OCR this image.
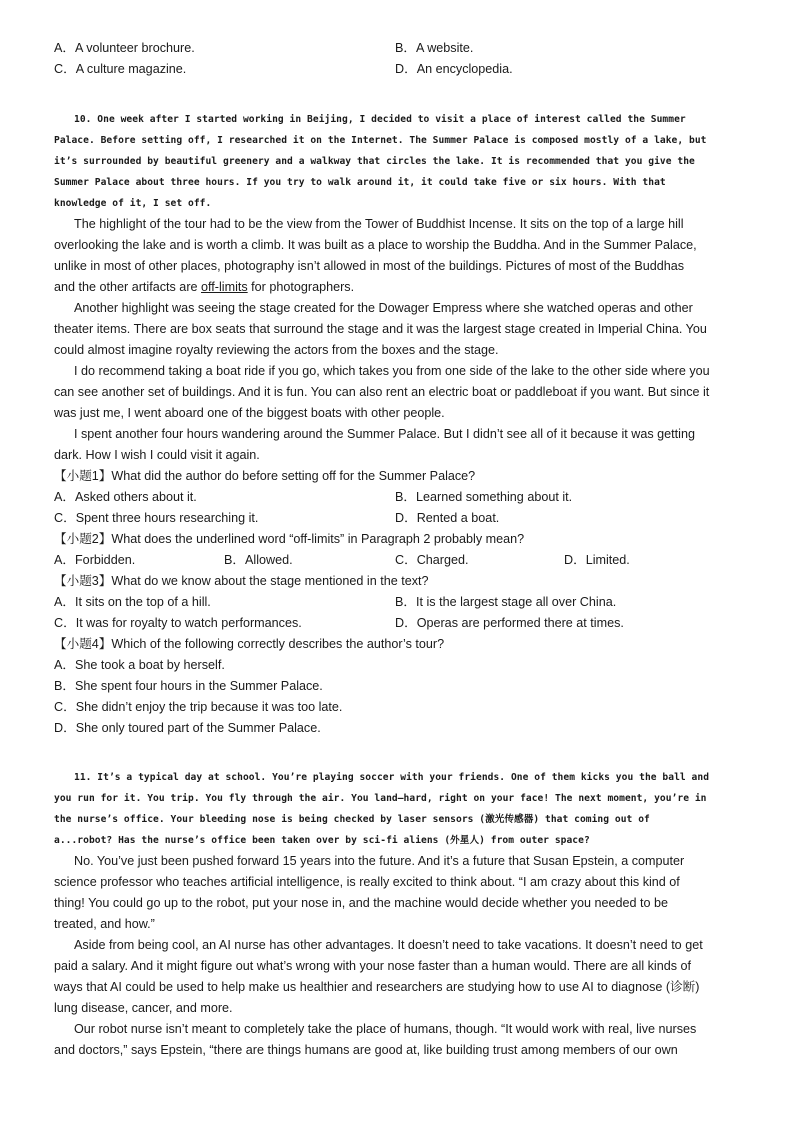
A．A volunteer brochure.	B．A website.
C．A culture magazine.	D．An encyclopedia.
10. One week after I started working in Beijing, I decided to visit a place of interest called the Summer
Palace. Before setting off, I researched it on the Internet. The Summer Palace is composed mostly of a lake, but
it’s surrounded by beautiful greenery and a walkway that circles the lake. It is recommended that you give the
Summer Palace about three hours. If you try to walk around it, it could take five or six hours. With that
knowledge of it, I set off.
The highlight of the tour had to be the view from the Tower of Buddhist Incense. It sits on the top of a large hill
overlooking the lake and is worth a climb. It was built as a place to worship the Buddha. And in the Summer Palace,
unlike in most of other places, photography isn’t allowed in most of the buildings. Pictures of most of the Buddhas
and the other artifacts are off-limits for photographers.
Another highlight was seeing the stage created for the Dowager Empress where she watched operas and other
theater items. There are box seats that surround the stage and it was the largest stage created in Imperial China. You
could almost imagine royalty reviewing the actors from the boxes and the stage.
I do recommend taking a boat ride if you go, which takes you from one side of the lake to the other side where you
can see another set of buildings. And it is fun. You can also rent an electric boat or paddleboat if you want. But since it
was just me, I went aboard one of the biggest boats with other people.
I spent another four hours wandering around the Summer Palace. But I didn’t see all of it because it was getting
dark. How I wish I could visit it again.
【小题1】What did the author do before setting off for the Summer Palace?
A．Asked others about it.	B．Learned something about it.
C．Spent three hours researching it.	D．Rented a boat.
【小题2】What does the underlined word “off-limits” in Paragraph 2 probably mean?
A．Forbidden.	B．Allowed.	C．Charged.	D．Limited.
【小题3】What do we know about the stage mentioned in the text?
A．It sits on the top of a hill.	B．It is the largest stage all over China.
C．It was for royalty to watch performances.	D．Operas are performed there at times.
【小题4】Which of the following correctly describes the author’s tour?
A．She took a boat by herself.
B．She spent four hours in the Summer Palace.
C．She didn’t enjoy the trip because it was too late.
D．She only toured part of the Summer Palace.
11. It’s a typical day at school. You’re playing soccer with your friends. One of them kicks you the ball and
you run for it. You trip. You fly through the air. You land—hard, right on your face! The next moment, you’re in
the nurse’s office. Your bleeding nose is being checked by laser sensors (激光传感器) that coming out of
a...robot? Has the nurse’s office been taken over by sci-fi aliens (外星人) from outer space?
No. You’ve just been pushed forward 15 years into the future. And it’s a future that Susan Epstein, a computer
science professor who teaches artificial intelligence, is really excited to think about. “I am crazy about this kind of
thing! You could go up to the robot, put your nose in, and the machine would decide whether you needed to be
treated, and how.”
Aside from being cool, an AI nurse has other advantages. It doesn’t need to take vacations. It doesn’t need to get
paid a salary. And it might figure out what’s wrong with your nose faster than a human would. There are all kinds of
ways that AI could be used to help make us healthier and researchers are studying how to use AI to diagnose (诊断)
lung disease, cancer, and more.
Our robot nurse isn’t meant to completely take the place of humans, though. “It would work with real, live nurses
and doctors,” says Epstein, “there are things humans are good at, like building trust among members of our own
